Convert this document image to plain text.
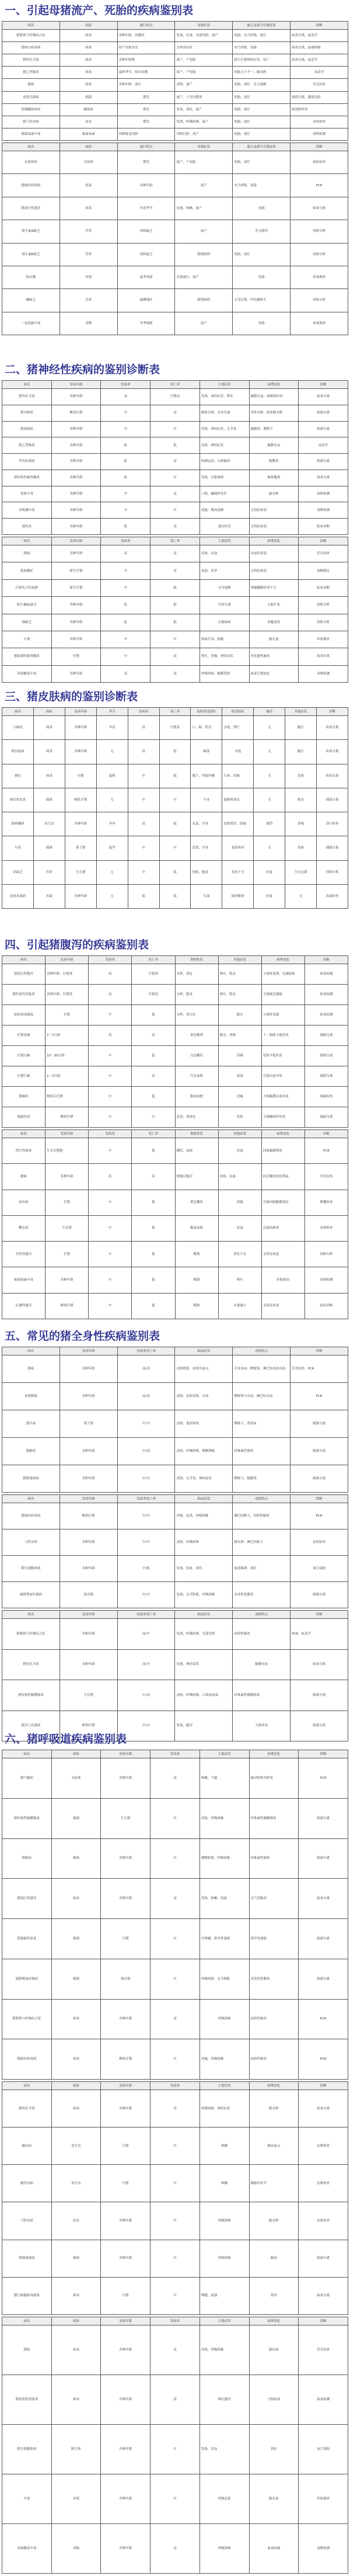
一、引起母猪流产、死胎的疾病鉴别表
病名	病原	流行特点	母猪症状	胎儿及新生仔猪症状	诊断
猪繁殖与呼吸综合征	病毒	各种年龄，传播快	发热，厌食，耳部发绀，流产	死胎，木乃伊胎，弱仔	病毒分离，血清学
猪细小病毒病	病毒	初产母猪多发	无明显症状	木乃伊胎，死胎	病毒分离，血凝抑制
猪伪狂犬病	病毒	各种年龄猪	流产，产死胎	新生仔猪神经症状，死亡	病毒分离，血清学
猪乙型脑炎	病毒	夏秋季节，蚊虫传播	流产，产死胎	死胎大小不一，脑水肿	血清学
猪瘟	病毒	各种年龄，流行	高热，流产	死胎，弱仔，先天震颤	荧光抗体
布鲁氏菌病	细菌	散发	流产，子宫内膜炎	死胎，弱仔	细菌分离，凝集试验
钩端螺旋体病	螺旋体	散发	发热，黄疸，流产	死胎，弱仔	暗视野检查
猪弓形虫病	原虫	散发	发热，呼吸困难，流产	死胎，弱仔	虫体检查
霉菌毒素中毒	霉菌毒素	饲喂霉变饲料	外阴红肿，流产	死胎，弱仔	饲料检测
病名	病原	流行特点	母猪症状	胎儿及新生仔猪症状	诊断
衣原体病	衣原体	散发	流产，产死胎	死胎，弱仔	病原检查
猪圆环病毒病	病毒	各种年龄	流产	木乃伊胎，死胎	PCR
猪流行性感冒	病毒	冬春季节	发热，咳嗽，流产	死胎	病毒分离
维生素A缺乏	营养	饲料缺乏	流产	先天畸形	饲料分析
维生素E缺乏	营养	饲料缺乏	繁殖障碍	死胎，弱仔	饲料分析
热应激	环境	夏季高温	采食减少，流产	死胎	环境调查
碘缺乏	营养	缺碘地区	繁殖障碍	无毛仔猪，甲状腺肿大	饲料分析
一氧化碳中毒	毒物	冬季保暖	流产	死胎	环境调查
二、猪神经性疾病的鉴别诊断表
病名	发病年龄	发病率	死亡率	主要症状	病理变化	诊断
猪伪狂犬病	各种年龄	高	仔猪高	发热，神经症状，呕吐	脑膜充血，扁桃体坏死	病毒分离
猪水肿病	断奶仔猪	中	高	眼睑水肿，共济失调	胃壁水肿，肠系膜水肿	细菌分离
链球菌病	各种年龄	中	中	发热，神经症状，关节炎	脑膜炎，脾肿大	细菌分离
猪乙型脑炎	各种年龄	低	低	高热，神经症状	脑膜充血	血清学
李氏杆菌病	各种年龄	低	高	转圈运动，头颈偏斜	脑膜炎	细菌分离
猪传染性脑脊髓炎	各种年龄	低	中	发热，后躯麻痹	脑脊髓炎	病毒分离
食盐中毒	各种年龄	中	高	口渴，癫痫样发作	脑水肿	饲料检测
有机磷中毒	各种年龄	中	中	流涎，肌肉震颤	无特征病变	毒物检测
破伤风	各种年龄	低	高	强直痉挛	无特征病变	临床诊断
病名	发病年龄	发病率	死亡率	主要症状	病理变化	诊断
猪瘟	各种年龄	高	高	高热，出血	出血性病变	荧光抗体
低血糖症	新生仔猪	中	高	衰弱，痉挛	无特征病变	血糖测定
仔猪先天性震颤	新生仔猪	中	低	全身震颤	脊髓髓鞘形成不全	临床诊断
维生素B1缺乏	各种年龄	低	低	共济失调	心脏扩张	饲料分析
铜缺乏	各种年龄	低	低	后躯麻痹	脊髓变性	饲料分析
中暑	各种年龄	中	中	体温升高，抽搐	脑充血	环境调查
猪血凝性脑脊髓炎	仔猪	中	高	呕吐，消瘦，神经症状	非化脓性脑炎	病毒分离
亚硝酸盐中毒	各种年龄	高	高	呼吸困难，黏膜发绀	血液呈酱油色	毒物检测
三、猪皮肤病的鉴别诊断表
病名	病原	发病年龄	季节	发病率	死亡率	皮肤病变部位	病变特征	瘙痒	其他症状	诊断
口蹄疫	病毒	各种年龄	冬春	高	仔猪高	口、蹄、乳房	水疱，溃烂	无	跛行	病毒分离
猪水疱病	病毒	各种年龄	无	高	低	蹄部	水疱	无	跛行	病毒分离
猪痘	病毒	仔猪	夏秋	中	低	腹下，四肢内侧	丘疹，结痂	无	发热	病毒分离
渗出性皮炎	细菌	哺乳仔猪	无	中	中	全身	油脂样渗出	无	脱水	细菌分离
猪疥螨病	寄生虫	各种年龄	冬季	高	低	头部，全身	皮肤增厚，结痂	剧烈	消瘦	刮片检查
丹毒	细菌	架子猪	夏季	中	中	背部，全身	菱形疹块	无	高热	细菌分离
锌缺乏	营养	生长猪	无	中	低	四肢，腹部	角化不全	轻度	生长迟缓	饲料分析
皮肤真菌病	真菌	各种年龄	无	低	低	头部	圆形癣斑	轻度	无	真菌检查
四、引起猪腹泻的疾病鉴别表
病名	发病年龄	发病率	死亡率	粪便性状	其他症状	病理变化	诊断
猪流行性腹泻	各种年龄，仔猪重	高	仔猪高	水样，黄色	呕吐，脱水	小肠壁变薄，充满液体	病毒检测
猪传染性胃肠炎	各种年龄，仔猪重	高	仔猪高	水样，腥臭	呕吐，脱水	小肠绒毛萎缩	病毒检测
轮状病毒感染	仔猪	中	低	水样，黄白色	脱水	小肠壁变薄	病毒检测
仔猪黄痢	1～7日龄	高	高	黄色稀粪	脱水，消瘦	十二指肠卡他性炎	细菌分离
仔猪白痢	10～30日龄	中	低	白色糊状	消瘦	胃肠卡他性炎	细菌分离
仔猪红痢	1～3日龄	中	高	红色血便	衰弱	空肠出血坏死	细菌分离
猪痢疾	断奶后仔猪	中	低	黏液血便	消瘦	大肠黏膜出血坏死	细菌检查
猪副伤寒	断奶仔猪	中	中	恶臭，黄绿色	发热	大肠糠麸样坏死	细菌分离
病名	发病年龄	发病率	死亡率	粪便性状	其他症状	病理变化	诊断
增生性肠炎	生长育肥猪	中	低	糊状，血便	贫血	回肠黏膜增厚	PCR
猪瘟	各种年龄	高	高	便秘后腹泻	高热，出血	回盲瓣纽扣状溃疡	荧光抗体
球虫病	仔猪	中	低	黄色糊状	消瘦	空肠回肠黏膜炎症	卵囊检查
鞭虫病	生长猪	中	低	黏液血便	贫血	盲肠结肠炎	虫卵检查
营养性腹泻	仔猪	中	低	稀粪	消化不良	无特征病变	饲料分析
霉菌毒素中毒	各种年龄	中	低	稀粪	呕吐	肝脏损伤	饲料检测
应激性腹泻	断奶仔猪	中	低	稀粪	采食减少	无特征病变	临床诊断
五、常见的猪全身性疾病鉴别表
病名	发病年龄	发病率死亡率	临床症状	剖检特点	诊断
猪瘟	各种年龄	高/高	高热稽留，皮肤出血点	全身出血，脾梗死，淋巴结周边出血	荧光抗体，PCR
非洲猪瘟	各种年龄	高/高	高热，皮肤发绀，出血	脾脏肿大出血，淋巴结出血	PCR
猪丹毒	架子猪	中/中	高热，菱形疹块	脾肿大，肾淤血	细菌分离
猪肺疫	各种年龄	中/高	高热，呼吸困难，咽喉肿胀	纤维素性肺炎	细菌分离
猪链球菌病	各种年龄	中/中	高热，关节炎，神经症状	脾肿大，脑膜炎	细菌分离
病名	发病年龄	发病率死亡率	临床症状	剖检特点	诊断
猪圆环病毒病	断奶仔猪	中/中	消瘦，皮炎，呼吸困难	淋巴结肿大，间质性肺炎	PCR
弓形虫病	各种年龄	中/中	高热，呼吸困难	肺水肿，淋巴结肿大	虫体检查
附红细胞体病	各种年龄	中/低	发热，贫血，黄疸	血液稀薄，黄疸	血片镜检
副猪嗜血杆菌病	保育猪	中/中	发热，关节肿胀，呼吸困难	多发性浆膜炎	细菌分离
病名	发病年龄	发病率死亡率	临床症状	剖检特点	诊断
猪繁殖与呼吸综合征	各种年龄	高/中	发热，呼吸困难，耳部发绀	间质性肺炎	PCR，血清学
猪伪狂犬病	各种年龄	高/中	发热，神经症状	脑膜充血	病毒分离
猪传染性胸膜肺炎	生长猪	中/高	高热，呼吸困难，口鼻流血沫	纤维素性胸膜肺炎	细菌分离
猪沙门氏菌病	断奶仔猪	中/中	发热，腹泻	大肠坏死	细菌分离
六、猪呼吸道疾病鉴别表
病名	病原	发病年龄	发病率	主要症状	病理变化	诊断
猪气喘病	支原体	各种年龄	高	咳嗽，气喘	肺对称性肉样变	PCR
猪传染性胸膜肺炎	细菌	生长猪	中	高热，呼吸困难	纤维素性胸膜肺炎	细菌分离
猪肺疫	细菌	各种年龄	中	咽喉肿胀，呼吸困难	纤维素性肺炎	细菌分离
猪流行性感冒	病毒	各种年龄	高	发热，咳嗽，流涕	支气管肺炎	病毒分离
猪萎缩性鼻炎	细菌	仔猪	中	打喷嚏，鼻甲骨萎缩	鼻甲骨萎缩	细菌分离
副猪嗜血杆菌病	细菌	保育猪	中	呼吸困难，关节肿胀	多发性浆膜炎	细菌分离
猪繁殖与呼吸综合征	病毒	各种年龄	高	呼吸困难	间质性肺炎	PCR
猪圆环病毒病	病毒	断奶仔猪	中	消瘦，呼吸困难	间质性肺炎	PCR
病名	病原	发病年龄	发病率	主要症状	病理变化	诊断
猪伪狂犬病	病毒	各种年龄	高	呼吸困难，神经症状	肺水肿	病毒分离
蛔虫病	寄生虫	仔猪	中	咳嗽	肺出血点	虫卵检查
肺丝虫病	寄生虫	仔猪	中	咳嗽	肺膈叶结节	虫卵检查
弓形虫病	原虫	各种年龄	中	呼吸困难	肺水肿	虫体检查
猪链球菌病	细菌	各种年龄	中	呼吸困难	肺炎	细菌分离
猪巨细胞病毒感染	病毒	仔猪	中	喷嚏，流涕	鼻炎	病毒分离
病名	病原	发病年龄	发病率	主要症状	病理变化	诊断
猪瘟	病毒	各种年龄	高	高热，呼吸困难	肺出血	荧光抗体
猪传染性胃肠炎	病毒	各种年龄	高	呕吐腹泻	小肠病变	病毒检测
附红细胞体病	附红体	各种年龄	中	发热，贫血	黄疸	血片镜检
中暑	环境	各种年龄	中	呼吸急促	肺充血	环境调查
亚硝酸盐中毒	毒物	各种年龄	高	呼吸困难	血液暗褐	毒物检测
